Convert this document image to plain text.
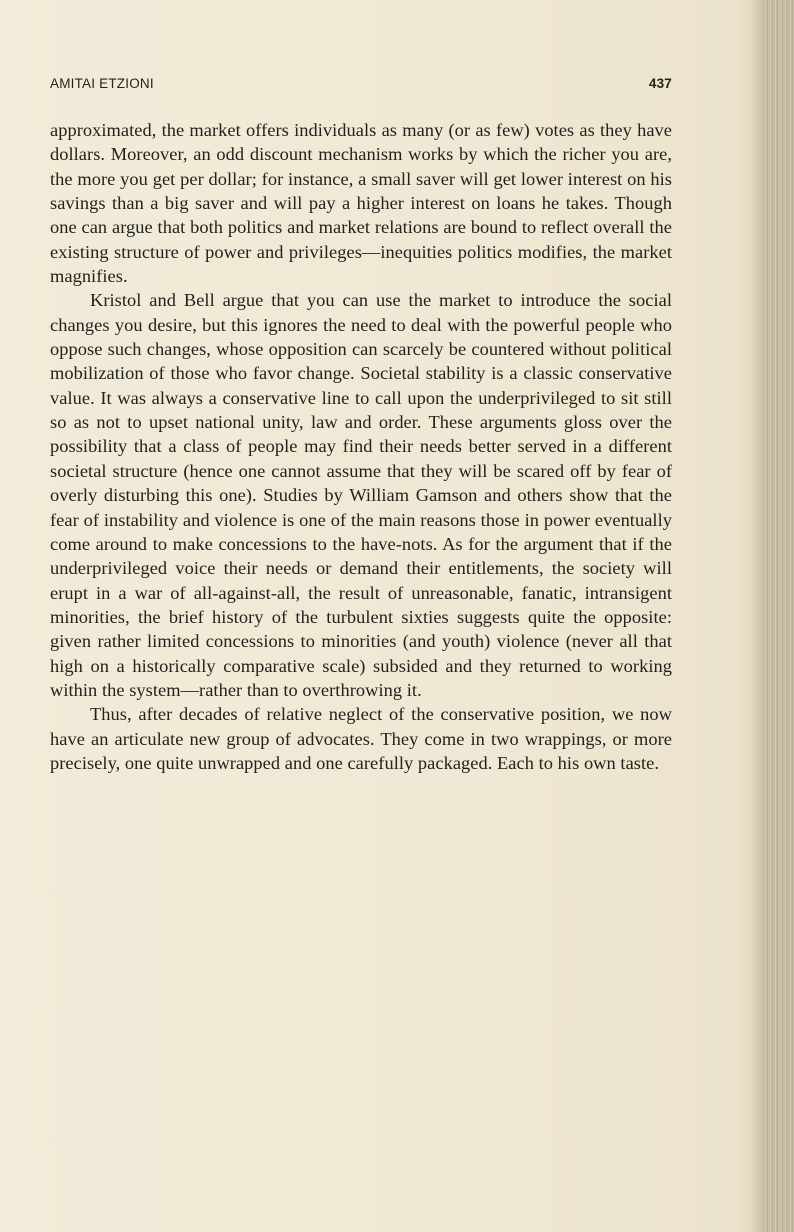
AMITAI ETZIONI	437

approximated, the market offers individuals as many (or as few) votes as they have dollars. Moreover, an odd discount mechanism works by which the richer you are, the more you get per dollar; for instance, a small saver will get lower interest on his savings than a big saver and will pay a higher interest on loans he takes. Though one can argue that both politics and market relations are bound to reflect overall the existing structure of power and privileges—inequities politics modifies, the market magnifies.

Kristol and Bell argue that you can use the market to introduce the social changes you desire, but this ignores the need to deal with the powerful people who oppose such changes, whose opposition can scarcely be countered without political mobilization of those who favor change. Societal stability is a classic conservative value. It was always a conservative line to call upon the underprivileged to sit still so as not to upset national unity, law and order. These arguments gloss over the possibility that a class of people may find their needs better served in a different societal structure (hence one cannot assume that they will be scared off by fear of overly disturbing this one). Studies by William Gamson and others show that the fear of instability and violence is one of the main reasons those in power eventually come around to make concessions to the have-nots. As for the argument that if the underprivileged voice their needs or demand their entitlements, the society will erupt in a war of all-against-all, the result of unreasonable, fanatic, intransigent minorities, the brief history of the turbulent sixties suggests quite the opposite: given rather limited concessions to minorities (and youth) violence (never all that high on a historically comparative scale) subsided and they returned to working within the system—rather than to overthrowing it.

Thus, after decades of relative neglect of the conservative position, we now have an articulate new group of advocates. They come in two wrappings, or more precisely, one quite unwrapped and one carefully packaged. Each to his own taste.
